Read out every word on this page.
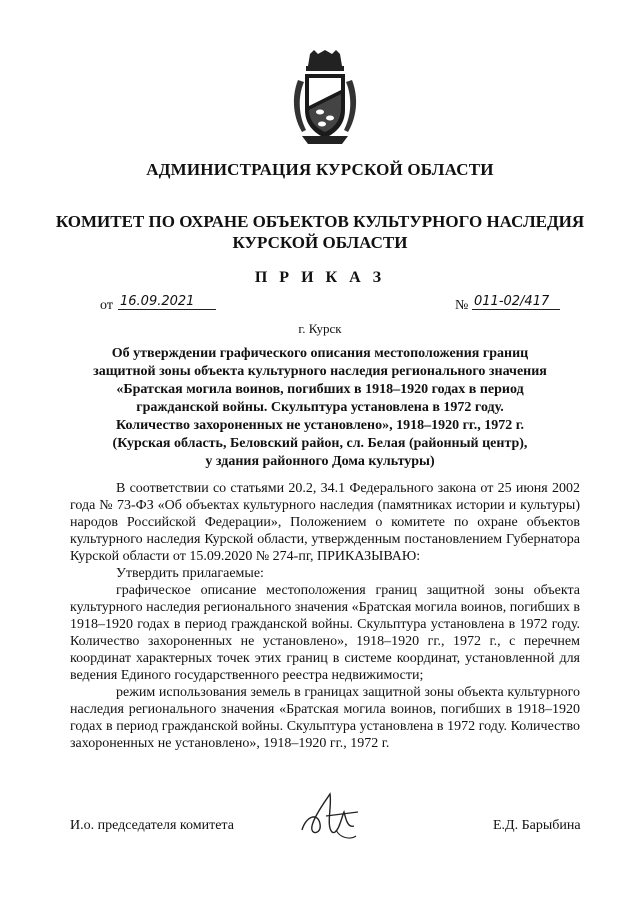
АДМИНИСТРАЦИЯ КУРСКОЙ ОБЛАСТИ
КОМИТЕТ ПО ОХРАНЕ ОБЪЕКТОВ КУЛЬТУРНОГО НАСЛЕДИЯ
КУРСКОЙ ОБЛАСТИ
П Р И К А З
от 16.09.2021	№ 011-02/417
г. Курск
Об утверждении графического описания местоположения границ
защитной зоны объекта культурного наследия регионального значения
«Братская могила воинов, погибших в 1918–1920 годах в период
гражданской войны. Скульптура установлена в 1972 году.
Количество захороненных не установлено», 1918–1920 гг., 1972 г.
(Курская область, Беловский район, сл. Белая (районный центр),
у здания районного Дома культуры)

В соответствии со статьями 20.2, 34.1 Федерального закона от 25 июня 2002 года № 73-ФЗ «Об объектах культурного наследия (памятниках истории и культуры) народов Российской Федерации», Положением о комитете по охране объектов культурного наследия Курской области, утвержденным постановлением Губернатора Курской области от 15.09.2020 № 274-пг, ПРИКАЗЫВАЮ:

Утвердить прилагаемые:

графическое описание местоположения границ защитной зоны объекта культурного наследия регионального значения «Братская могила воинов, погибших в 1918–1920 годах в период гражданской войны. Скульптура установлена в 1972 году. Количество захороненных не установлено», 1918–1920 гг., 1972 г., с перечнем координат характерных точек этих границ в системе координат, установленной для ведения Единого государственного реестра недвижимости;

режим использования земель в границах защитной зоны объекта культурного наследия регионального значения «Братская могила воинов, погибших в 1918–1920 годах в период гражданской войны. Скульптура установлена в 1972 году. Количество захороненных не установлено», 1918–1920 гг., 1972 г.

И.о. председателя комитета	Е.Д. Барыбина
